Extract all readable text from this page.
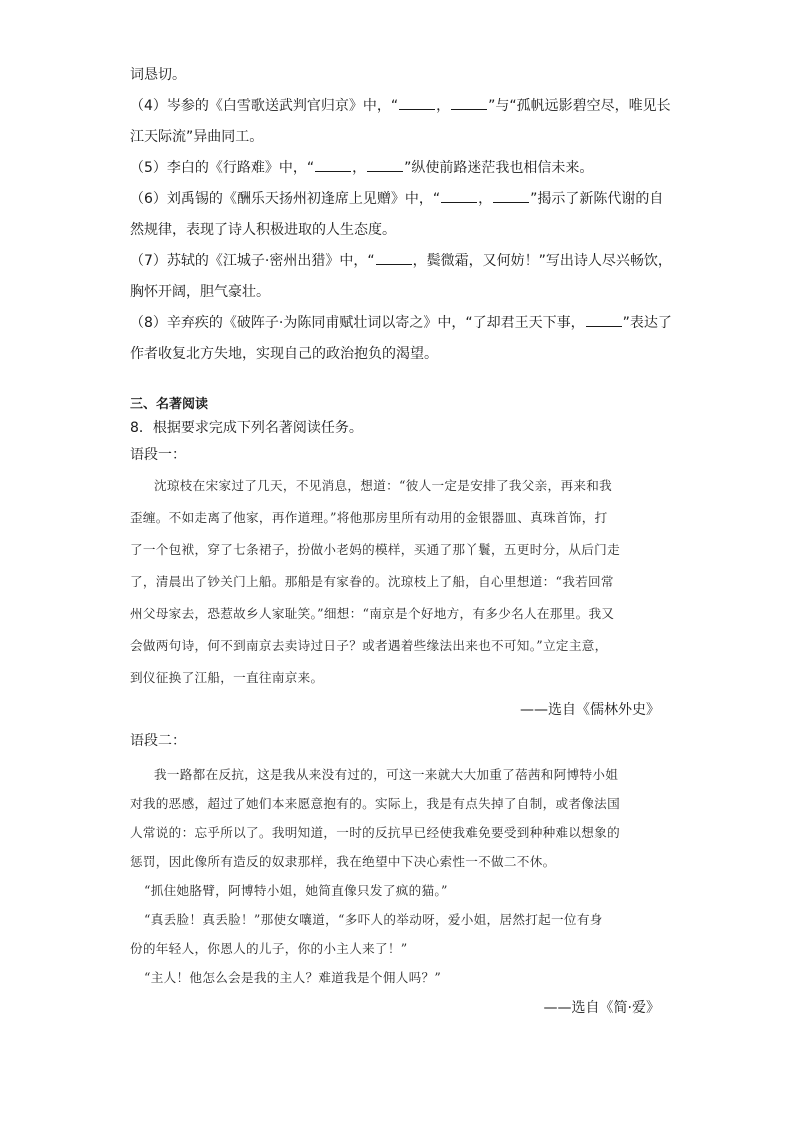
词恳切。
（4）岑参的《白雪歌送武判官归京》中，“	，	”与“孤帆远影碧空尽，唯见长
江天际流”异曲同工。
（5）李白的《行路难》中，“	，	”纵使前路迷茫我也相信未来。
（6）刘禹锡的《酬乐天扬州初逢席上见赠》中，“	，	”揭示了新陈代谢的自
然规律，表现了诗人积极进取的人生态度。
（7）苏轼的《江城子·密州出猎》中，“	，鬓微霜，又何妨！”写出诗人尽兴畅饮，
胸怀开阔，胆气豪壮。
（8）辛弃疾的《破阵子·为陈同甫赋壮词以寄之》中，“了却君王天下事，	”表达了
作者收复北方失地，实现自己的政治抱负的渴望。
三、名著阅读
8．根据要求完成下列名著阅读任务。
语段一：
沈琼枝在宋家过了几天，不见消息，想道：“彼人一定是安排了我父亲，再来和我
歪缠。不如走离了他家，再作道理。”将他那房里所有动用的金银器皿、真珠首饰，打
了一个包袱，穿了七条裙子，扮做小老妈的模样，买通了那丫鬟，五更时分，从后门走
了，清晨出了钞关门上船。那船是有家眷的。沈琼枝上了船，自心里想道：“我若回常
州父母家去，恐惹故乡人家耻笑。”细想：“南京是个好地方，有多少名人在那里。我又
会做两句诗，何不到南京去卖诗过日子？或者遇着些缘法出来也不可知。”立定主意，
到仪征换了江船，一直往南京来。
——选自《儒林外史》
语段二：
我一路都在反抗，这是我从来没有过的，可这一来就大大加重了蓓茜和阿博特小姐
对我的恶感，超过了她们本来愿意抱有的。实际上，我是有点失掉了自制，或者像法国
人常说的：忘乎所以了。我明知道，一时的反抗早已经使我难免要受到种种难以想象的
惩罚，因此像所有造反的奴隶那样，我在绝望中下决心索性一不做二不休。
“抓住她胳臂，阿博特小姐，她简直像只发了疯的猫。”
“真丢脸！真丢脸！”那使女嚷道，“多吓人的举动呀，爱小姐，居然打起一位有身
份的年轻人，你恩人的儿子，你的小主人来了！”
“主人！他怎么会是我的主人？难道我是个佣人吗？”
——选自《简·爱》
